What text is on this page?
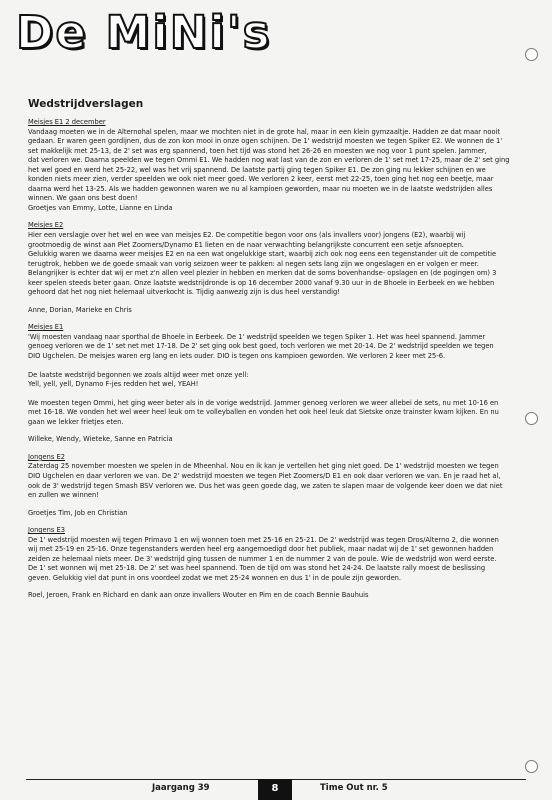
De MiNi's
Wedstrijdverslagen
Meisjes E1 2 december
Vandaag moeten we in de Alternohal spelen, maar we mochten niet in de grote hal, maar in een klein gymzaaltje. Hadden ze dat maar nooit
gedaan. Er waren geen gordijnen, dus de zon kon mooi in onze ogen schijnen. De 1' wedstrijd moesten we tegen Spiker E2. We wonnen de 1'
set makkelijk met 25-13, de 2' set was erg spannend, toen het tijd was stond het 26-26 en moesten we nog voor 1 punt spelen. Jammer,
dat verloren we. Daarna speelden we tegen Ommi E1. We hadden nog wat last van de zon en verloren de 1' set met 17-25, maar de 2' set ging
het wel goed en werd het 25-22, wel was het vrij spannend. De laatste partij ging tegen Spiker E1. De zon ging nu lekker schijnen en we
konden niets meer zien, verder speelden we ook niet meer goed. We verloren 2 keer, eerst met 22-25, toen ging het nog een beetje, maar
daarna werd het 13-25. Als we hadden gewonnen waren we nu al kampioen geworden, maar nu moeten we in de laatste wedstrijden alles
winnen. We gaan ons best doen!
Groetjes van Emmy, Lotte, Lianne en Linda
Meisjes E2
Hier een verslagje over het wel en wee van meisjes E2. De competitie begon voor ons (als invallers voor) jongens (E2), waarbij wij
grootmoedig de winst aan Piet Zoomers/Dynamo E1 lieten en de naar verwachting belangrijkste concurrent een setje afsnoepten.
Gelukkig waren we daarna weer meisjes E2 en na een wat ongelukkige start, waarbij zich ook nog eens een tegenstander uit de competitie
terugtrok, hebben we de goede smaak van vorig seizoen weer te pakken: al negen sets lang zijn we ongeslagen en er volgen er meer.
Belangrijker is echter dat wij er met z'n allen veel plezier in hebben en merken dat de soms bovenhandse- opslagen en (de pogingen om) 3
keer spelen steeds beter gaan. Onze laatste wedstrijdronde is op 16 december 2000 vanaf 9.30 uur in de Bhoele in Eerbeek en we hebben
gehoord dat het nog niet helemaal uitverkocht is. Tijdig aanwezig zijn is dus heel verstandig!
Anne, Dorian, Marieke en Chris
Meisjes E1
'Wij moesten vandaag naar sporthal de Bhoele in Eerbeek. De 1' wedstrijd speelden we tegen Spiker 1. Het was heel spannend. Jammer
genoeg verloren we de 1' set net met 17-18. De 2' set ging ook best goed, toch verloren we met 20-14. De 2' wedstrijd speelden we tegen
DIO Ugchelen. De meisjes waren erg lang en iets ouder. DIO is tegen ons kampioen geworden. We verloren 2 keer met 25-6.
De laatste wedstrijd begonnen we zoals altijd weer met onze yell:
Yell, yell, yell, Dynamo F-jes redden het wel, YEAH!
We moesten tegen Ommi, het ging weer beter als in de vorige wedstrijd. Jammer genoeg verloren we weer allebei de sets, nu met 10-16 en
met 16-18. We vonden het wel weer heel leuk om te volleyballen en vonden het ook heel leuk dat Sietske onze trainster kwam kijken. En nu
gaan we lekker frietjes eten.
Willeke, Wendy, Wieteke, Sanne en Patricia
Jongens E2
Zaterdag 25 november moesten we spelen in de Mheenhal. Nou en ik kan je vertellen het ging niet goed. De 1' wedstrijd moesten we tegen
DIO Ugchelen en daar verloren we van. De 2' wedstrijd moesten we tegen Piet Zoomers/D E1 en ook daar verloren we van. En je raad het al,
ook de 3' wedstrijd tegen Smash BSV verloren we. Dus het was geen goede dag, we zaten te slapen maar de volgende keer doen we dat niet
en zullen we winnen!
Groetjes Tim, Job en Christian
Jongens E3
De 1' wedstrijd moesten wij tegen Primavo 1 en wij wonnen toen met 25-16 en 25-21. De 2' wedstrijd was tegen Dros/Alterno 2, die wonnen
wij met 25-19 en 25-16. Onze tegenstanders werden heel erg aangemoedigd door het publiek, maar nadat wij de 1' set gewonnen hadden
zeiden ze helemaal niets meer. De 3' wedstrijd ging tussen de nummer 1 en de nummer 2 van de poule. Wie de wedstrijd won werd eerste.
De 1' set wonnen wij met 25-18. De 2' set was heel spannend. Toen de tijd om was stond het 24-24. De laatste rally moest de beslissing
geven. Gelukkig viel dat punt in ons voordeel zodat we met 25-24 wonnen en dus 1' in de poule zijn geworden.
Roel, Jeroen, Frank en Richard en dank aan onze invallers Wouter en Pim en de coach Bennie Bauhuis
Jaargang 39	8	Time Out nr. 5
